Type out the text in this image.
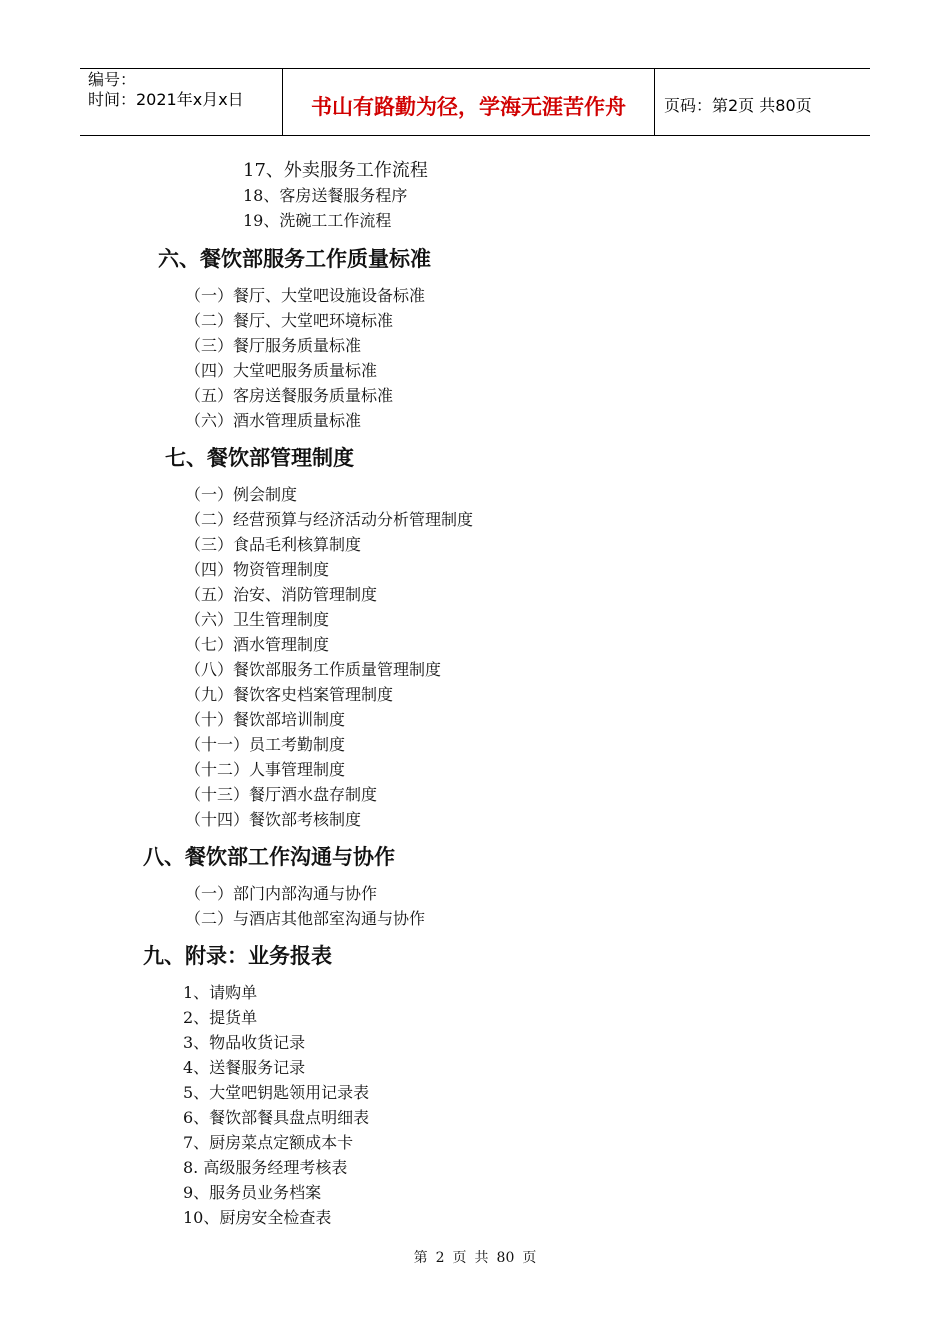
编号：
时间：2021年x月x日	书山有路勤为径，学海无涯苦作舟	页码：第2页 共80页
17、外卖服务工作流程
18、客房送餐服务程序
19、洗碗工工作流程
六、餐饮部服务工作质量标准
（一）餐厅、大堂吧设施设备标准
（二）餐厅、大堂吧环境标准
（三）餐厅服务质量标准
（四）大堂吧服务质量标准
（五）客房送餐服务质量标准
（六）酒水管理质量标准
七、餐饮部管理制度
（一）例会制度
（二）经营预算与经济活动分析管理制度
（三）食品毛利核算制度
（四）物资管理制度
（五）治安、消防管理制度
（六）卫生管理制度
（七）酒水管理制度
（八）餐饮部服务工作质量管理制度
（九）餐饮客史档案管理制度
（十）餐饮部培训制度
（十一）员工考勤制度
（十二）人事管理制度
（十三）餐厅酒水盘存制度
（十四）餐饮部考核制度
八、餐饮部工作沟通与协作
（一）部门内部沟通与协作
（二）与酒店其他部室沟通与协作
九、附录：业务报表
1、请购单
2、提货单
3、物品收货记录
4、送餐服务记录
5、大堂吧钥匙领用记录表
6、餐饮部餐具盘点明细表
7、厨房菜点定额成本卡
8. 高级服务经理考核表
9、服务员业务档案
10、厨房安全检查表
第 2 页 共 80 页
